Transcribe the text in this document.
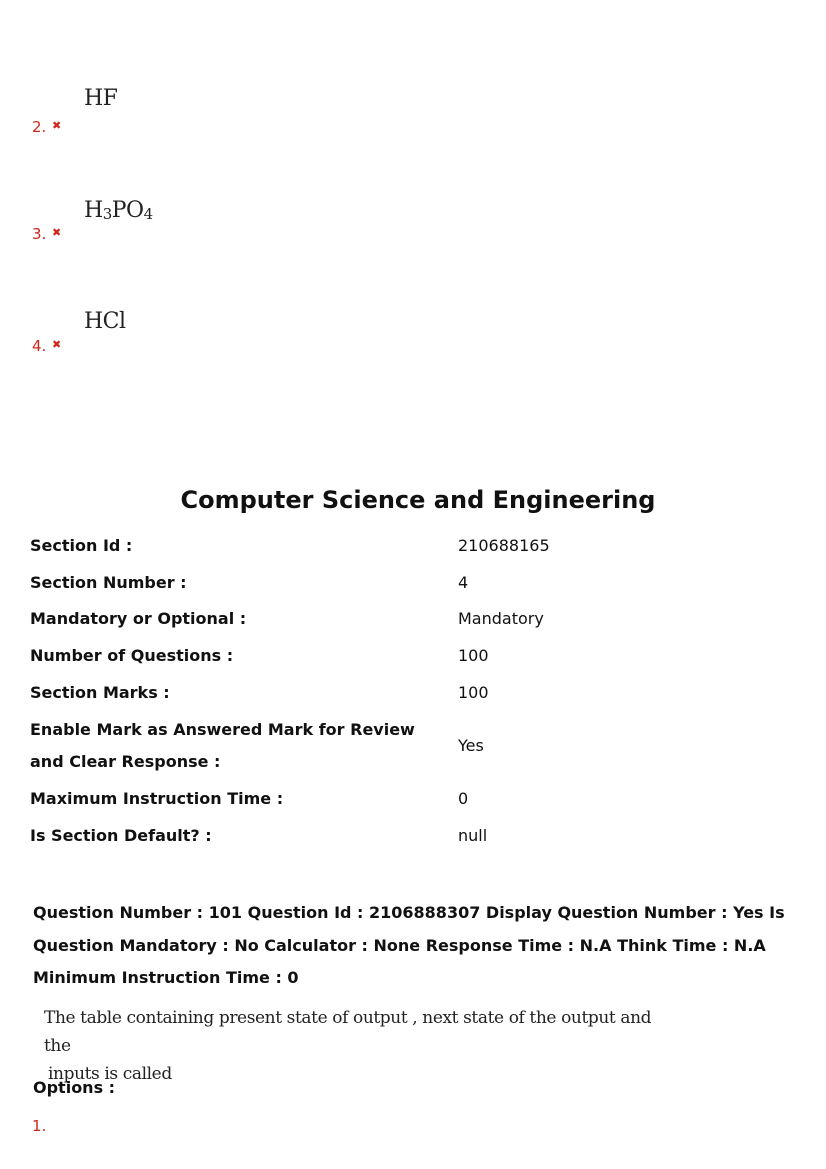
HF
2. ✖
$H_3PO_4$
3. ✖
HCl
4. ✖
Computer Science and Engineering
Section Id :	210688165
Section Number :	4
Mandatory or Optional :	Mandatory
Number of Questions :	100
Section Marks :	100
Enable Mark as Answered Mark for Review and Clear Response :
Yes
Maximum Instruction Time :	0
Is Section Default? :	null
Question Number : 101 Question Id : 2106888307 Display Question Number : Yes Is Question Mandatory : No Calculator : None Response Time : N.A Think Time : N.A Minimum Instruction Time : 0
The table containing present state of output , next state of the output and the
inputs is called
Options :
1.
